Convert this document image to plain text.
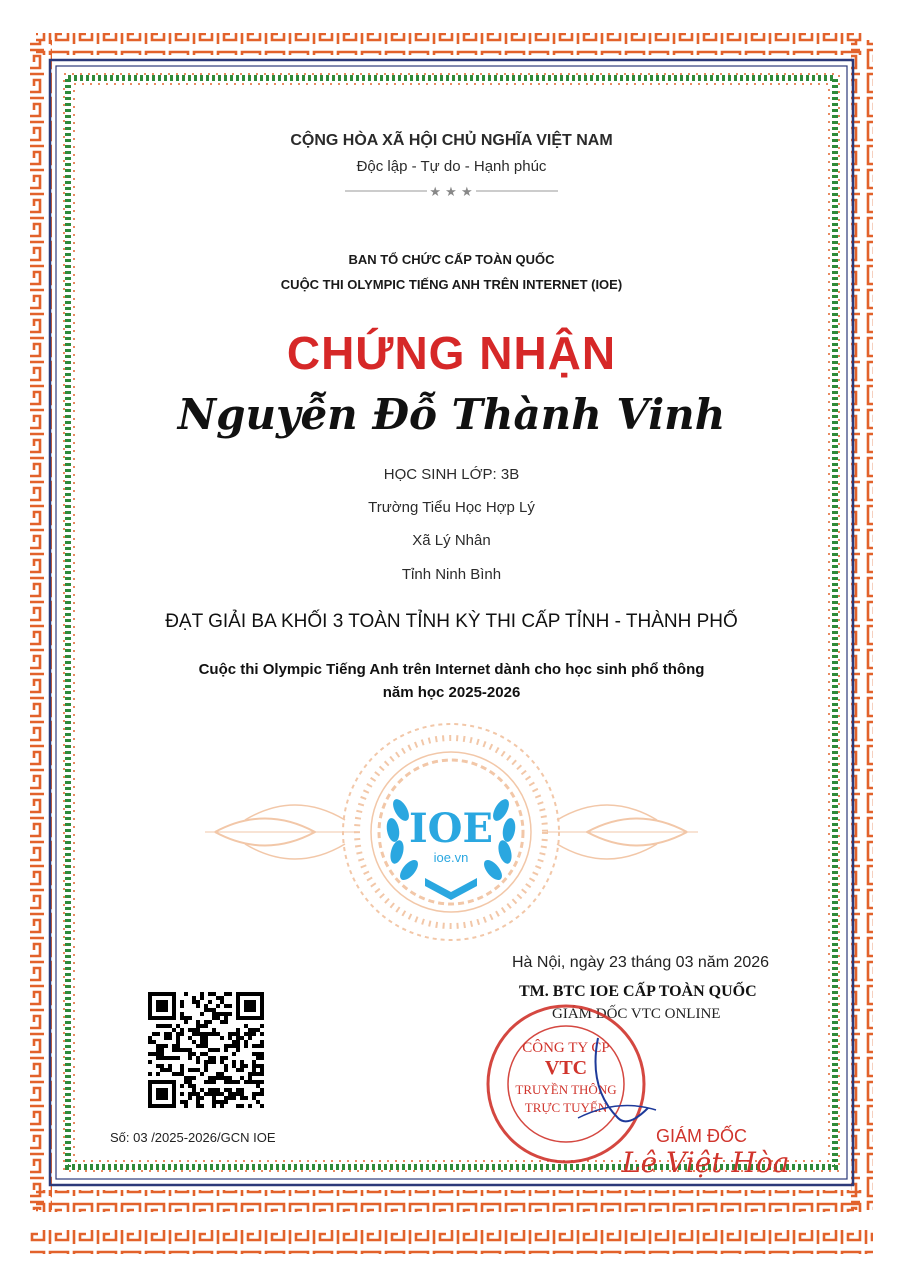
CỘNG HÒA XÃ HỘI CHỦ NGHĨA VIỆT NAM
Độc lập - Tự do - Hạnh phúc
★ ★ ★
BAN TỔ CHỨC CẤP TOÀN QUỐC
CUỘC THI OLYMPIC TIẾNG ANH TRÊN INTERNET (IOE)
CHỨNG NHẬN
Nguyễn Đỗ Thành Vinh
HỌC SINH LỚP: 3B
Trường Tiểu Học Hợp Lý
Xã Lý Nhân
Tỉnh Ninh Bình
ĐẠT GIẢI BA KHỐI 3 TOÀN TỈNH KỲ THI CẤP TỈNH - THÀNH PHỐ
Cuộc thi Olympic Tiếng Anh trên Internet dành cho học sinh phổ thông
năm học 2025-2026
IOE
ioe.vn
Hà Nội, ngày 23 tháng 03 năm 2026
TM. BTC IOE CẤP TOÀN QUỐC
GIÁM ĐỐC VTC ONLINE
CÔNG TY CP
VTC
TRUYỀN THÔNG
TRỰC TUYẾN
GIÁM ĐỐC
Lê Việt Hòa
Số: 03 /2025-2026/GCN IOE
